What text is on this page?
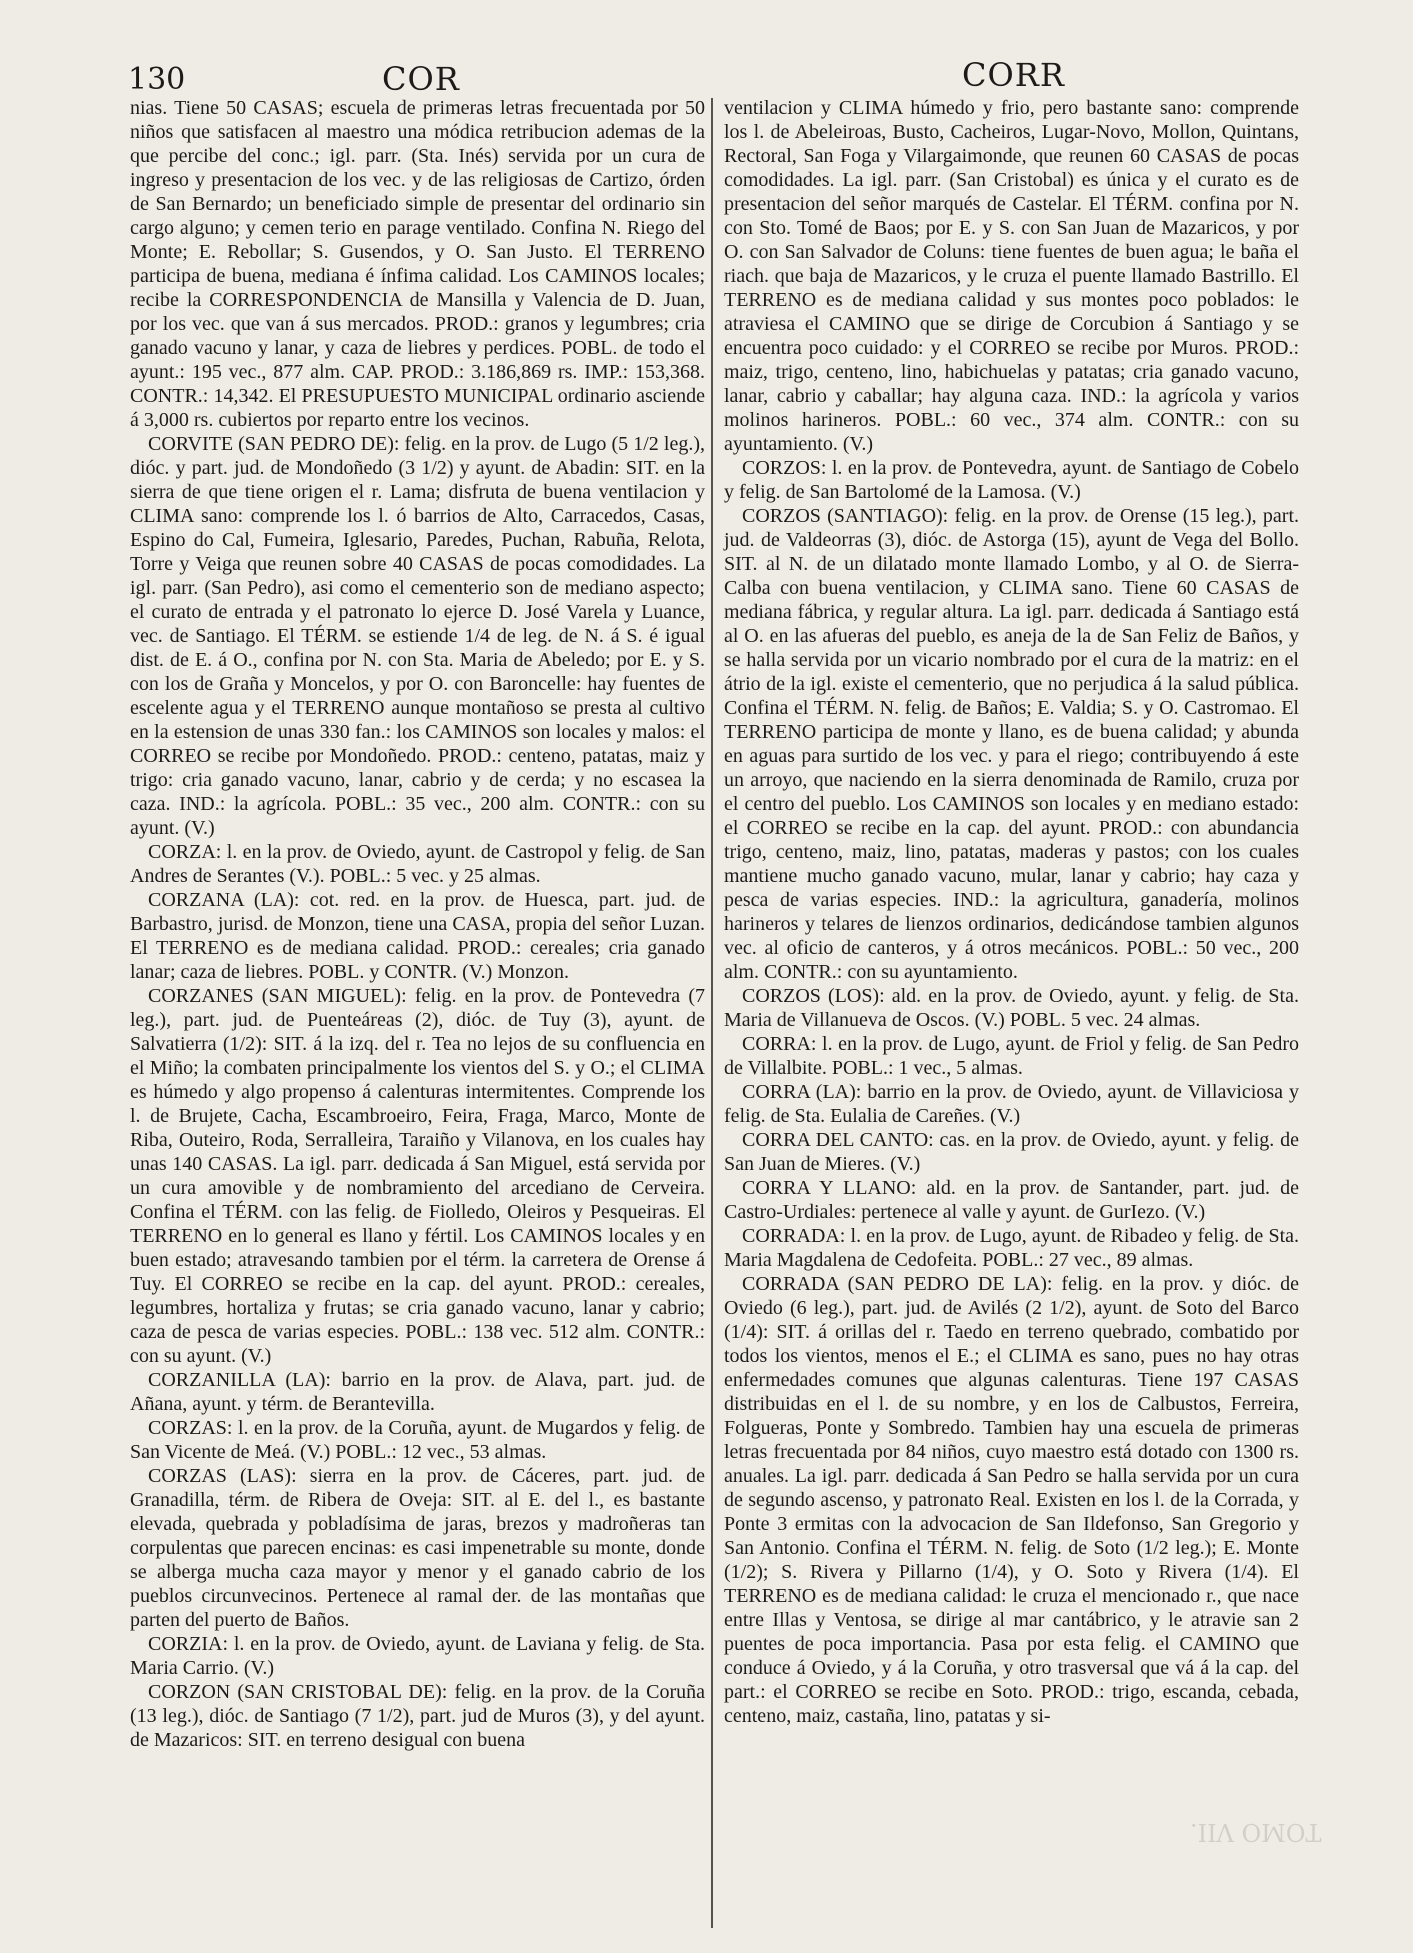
130	COR	CORR

nias. Tiene 50 CASAS; escuela de primeras letras frecuentada por 50 niños que satisfacen al maestro una módica retribucion ademas de la que percibe del conc.; igl. parr. (Sta. Inés) servida por un cura de ingreso y presentacion de los vec. y de las religiosas de Cartizo, órden de San Bernardo; un beneficiado simple de presentar del ordinario sin cargo alguno; y cemen terio en parage ventilado. Confina N. Riego del Monte; E. Rebollar; S. Gusendos, y O. San Justo. El TERRENO participa de buena, mediana é ínfima calidad. Los CAMINOS locales; recibe la CORRESPONDENCIA de Mansilla y Valencia de D. Juan, por los vec. que van á sus mercados. PROD.: granos y legumbres; cria ganado vacuno y lanar, y caza de liebres y perdices. POBL. de todo el ayunt.: 195 vec., 877 alm. CAP. PROD.: 3.186,869 rs. IMP.: 153,368. CONTR.: 14,342. El PRESUPUESTO MUNICIPAL ordinario asciende á 3,000 rs. cubiertos por reparto entre los vecinos.

CORVITE (SAN PEDRO DE): felig. en la prov. de Lugo (5 1/2 leg.), dióc. y part. jud. de Mondoñedo (3 1/2) y ayunt. de Abadin: SIT. en la sierra de que tiene origen el r. Lama; disfruta de buena ventilacion y CLIMA sano: comprende los l. ó barrios de Alto, Carracedos, Casas, Espino do Cal, Fumeira, Iglesario, Paredes, Puchan, Rabuña, Relota, Torre y Veiga que reunen sobre 40 CASAS de pocas comodidades. La igl. parr. (San Pedro), asi como el cementerio son de mediano aspecto; el curato de entrada y el patronato lo ejerce D. José Varela y Luance, vec. de Santiago. El TÉRM. se estiende 1/4 de leg. de N. á S. é igual dist. de E. á O., confina por N. con Sta. Maria de Abeledo; por E. y S. con los de Graña y Moncelos, y por O. con Baroncelle: hay fuentes de escelente agua y el TERRENO aunque montañoso se presta al cultivo en la estension de unas 330 fan.: los CAMINOS son locales y malos: el CORREO se recibe por Mondoñedo. PROD.: centeno, patatas, maiz y trigo: cria ganado vacuno, lanar, cabrio y de cerda; y no escasea la caza. IND.: la agrícola. POBL.: 35 vec., 200 alm. CONTR.: con su ayunt. (V.)

CORZA: l. en la prov. de Oviedo, ayunt. de Castropol y felig. de San Andres de Serantes (V.). POBL.: 5 vec. y 25 almas.

CORZANA (LA): cot. red. en la prov. de Huesca, part. jud. de Barbastro, jurisd. de Monzon, tiene una CASA, propia del señor Luzan. El TERRENO es de mediana calidad. PROD.: cereales; cria ganado lanar; caza de liebres. POBL. y CONTR. (V.) Monzon.

CORZANES (SAN MIGUEL): felig. en la prov. de Pontevedra (7 leg.), part. jud. de Puenteáreas (2), dióc. de Tuy (3), ayunt. de Salvatierra (1/2): SIT. á la izq. del r. Tea no lejos de su confluencia en el Miño; la combaten principalmente los vientos del S. y O.; el CLIMA es húmedo y algo propenso á calenturas intermitentes. Comprende los l. de Brujete, Cacha, Escambroeiro, Feira, Fraga, Marco, Monte de Riba, Outeiro, Roda, Serralleira, Taraiño y Vilanova, en los cuales hay unas 140 CASAS. La igl. parr. dedicada á San Miguel, está servida por un cura amovible y de nombramiento del arcediano de Cerveira. Confina el TÉRM. con las felig. de Fiolledo, Oleiros y Pesqueiras. El TERRENO en lo general es llano y fértil. Los CAMINOS locales y en buen estado; atravesando tambien por el térm. la carretera de Orense á Tuy. El CORREO se recibe en la cap. del ayunt. PROD.: cereales, legumbres, hortaliza y frutas; se cria ganado vacuno, lanar y cabrio; caza de pesca de varias especies. POBL.: 138 vec. 512 alm. CONTR.: con su ayunt. (V.)

CORZANILLA (LA): barrio en la prov. de Alava, part. jud. de Añana, ayunt. y térm. de Berantevilla.

CORZAS: l. en la prov. de la Coruña, ayunt. de Mugardos y felig. de San Vicente de Meá. (V.) POBL.: 12 vec., 53 almas.

CORZAS (LAS): sierra en la prov. de Cáceres, part. jud. de Granadilla, térm. de Ribera de Oveja: SIT. al E. del l., es bastante elevada, quebrada y pobladísima de jaras, brezos y madroñeras tan corpulentas que parecen encinas: es casi impenetrable su monte, donde se alberga mucha caza mayor y menor y el ganado cabrio de los pueblos circunvecinos. Pertenece al ramal der. de las montañas que parten del puerto de Baños.

CORZIA: l. en la prov. de Oviedo, ayunt. de Laviana y felig. de Sta. Maria Carrio. (V.)

CORZON (SAN CRISTOBAL DE): felig. en la prov. de la Coruña (13 leg.), dióc. de Santiago (7 1/2), part. jud de Muros (3), y del ayunt. de Mazaricos: SIT. en terreno desigual con buena

ventilacion y CLIMA húmedo y frio, pero bastante sano: comprende los l. de Abeleiroas, Busto, Cacheiros, Lugar-Novo, Mollon, Quintans, Rectoral, San Foga y Vilargaimonde, que reunen 60 CASAS de pocas comodidades. La igl. parr. (San Cristobal) es única y el curato es de presentacion del señor marqués de Castelar. El TÉRM. confina por N. con Sto. Tomé de Baos; por E. y S. con San Juan de Mazaricos, y por O. con San Salvador de Coluns: tiene fuentes de buen agua; le baña el riach. que baja de Mazaricos, y le cruza el puente llamado Bastrillo. El TERRENO es de mediana calidad y sus montes poco poblados: le atraviesa el CAMINO que se dirige de Corcubion á Santiago y se encuentra poco cuidado: y el CORREO se recibe por Muros. PROD.: maiz, trigo, centeno, lino, habichuelas y patatas; cria ganado vacuno, lanar, cabrio y caballar; hay alguna caza. IND.: la agrícola y varios molinos harineros. POBL.: 60 vec., 374 alm. CONTR.: con su ayuntamiento. (V.)

CORZOS: l. en la prov. de Pontevedra, ayunt. de Santiago de Cobelo y felig. de San Bartolomé de la Lamosa. (V.)

CORZOS (SANTIAGO): felig. en la prov. de Orense (15 leg.), part. jud. de Valdeorras (3), dióc. de Astorga (15), ayunt de Vega del Bollo. SIT. al N. de un dilatado monte llamado Lombo, y al O. de Sierra-Calba con buena ventilacion, y CLIMA sano. Tiene 60 CASAS de mediana fábrica, y regular altura. La igl. parr. dedicada á Santiago está al O. en las afueras del pueblo, es aneja de la de San Feliz de Baños, y se halla servida por un vicario nombrado por el cura de la matriz: en el átrio de la igl. existe el cementerio, que no perjudica á la salud pública. Confina el TÉRM. N. felig. de Baños; E. Valdia; S. y O. Castromao. El TERRENO participa de monte y llano, es de buena calidad; y abunda en aguas para surtido de los vec. y para el riego; contribuyendo á este un arroyo, que naciendo en la sierra denominada de Ramilo, cruza por el centro del pueblo. Los CAMINOS son locales y en mediano estado: el CORREO se recibe en la cap. del ayunt. PROD.: con abundancia trigo, centeno, maiz, lino, patatas, maderas y pastos; con los cuales mantiene mucho ganado vacuno, mular, lanar y cabrio; hay caza y pesca de varias especies. IND.: la agricultura, ganadería, molinos harineros y telares de lienzos ordinarios, dedicándose tambien algunos vec. al oficio de canteros, y á otros mecánicos. POBL.: 50 vec., 200 alm. CONTR.: con su ayuntamiento.

CORZOS (LOS): ald. en la prov. de Oviedo, ayunt. y felig. de Sta. Maria de Villanueva de Oscos. (V.) POBL. 5 vec. 24 almas.

CORRA: l. en la prov. de Lugo, ayunt. de Friol y felig. de San Pedro de Villalbite. POBL.: 1 vec., 5 almas.

CORRA (LA): barrio en la prov. de Oviedo, ayunt. de Villaviciosa y felig. de Sta. Eulalia de Careñes. (V.)

CORRA DEL CANTO: cas. en la prov. de Oviedo, ayunt. y felig. de San Juan de Mieres. (V.)

CORRA Y LLANO: ald. en la prov. de Santander, part. jud. de Castro-Urdiales: pertenece al valle y ayunt. de GurIezo. (V.)

CORRADA: l. en la prov. de Lugo, ayunt. de Ribadeo y felig. de Sta. Maria Magdalena de Cedofeita. POBL.: 27 vec., 89 almas.

CORRADA (SAN PEDRO DE LA): felig. en la prov. y dióc. de Oviedo (6 leg.), part. jud. de Avilés (2 1/2), ayunt. de Soto del Barco (1/4): SIT. á orillas del r. Taedo en terreno quebrado, combatido por todos los vientos, menos el E.; el CLIMA es sano, pues no hay otras enfermedades comunes que algunas calenturas. Tiene 197 CASAS distribuidas en el l. de su nombre, y en los de Calbustos, Ferreira, Folgueras, Ponte y Sombredo. Tambien hay una escuela de primeras letras frecuentada por 84 niños, cuyo maestro está dotado con 1300 rs. anuales. La igl. parr. dedicada á San Pedro se halla servida por un cura de segundo ascenso, y patronato Real. Existen en los l. de la Corrada, y Ponte 3 ermitas con la advocacion de San Ildefonso, San Gregorio y San Antonio. Confina el TÉRM. N. felig. de Soto (1/2 leg.); E. Monte (1/2); S. Rivera y Pillarno (1/4), y O. Soto y Rivera (1/4). El TERRENO es de mediana calidad: le cruza el mencionado r., que nace entre Illas y Ventosa, se dirige al mar cantábrico, y le atravie san 2 puentes de poca importancia. Pasa por esta felig. el CAMINO que conduce á Oviedo, y á la Coruña, y otro trasversal que vá á la cap. del part.: el CORREO se recibe en Soto. PROD.: trigo, escanda, cebada, centeno, maiz, castaña, lino, patatas y si-

TOMO VII.
